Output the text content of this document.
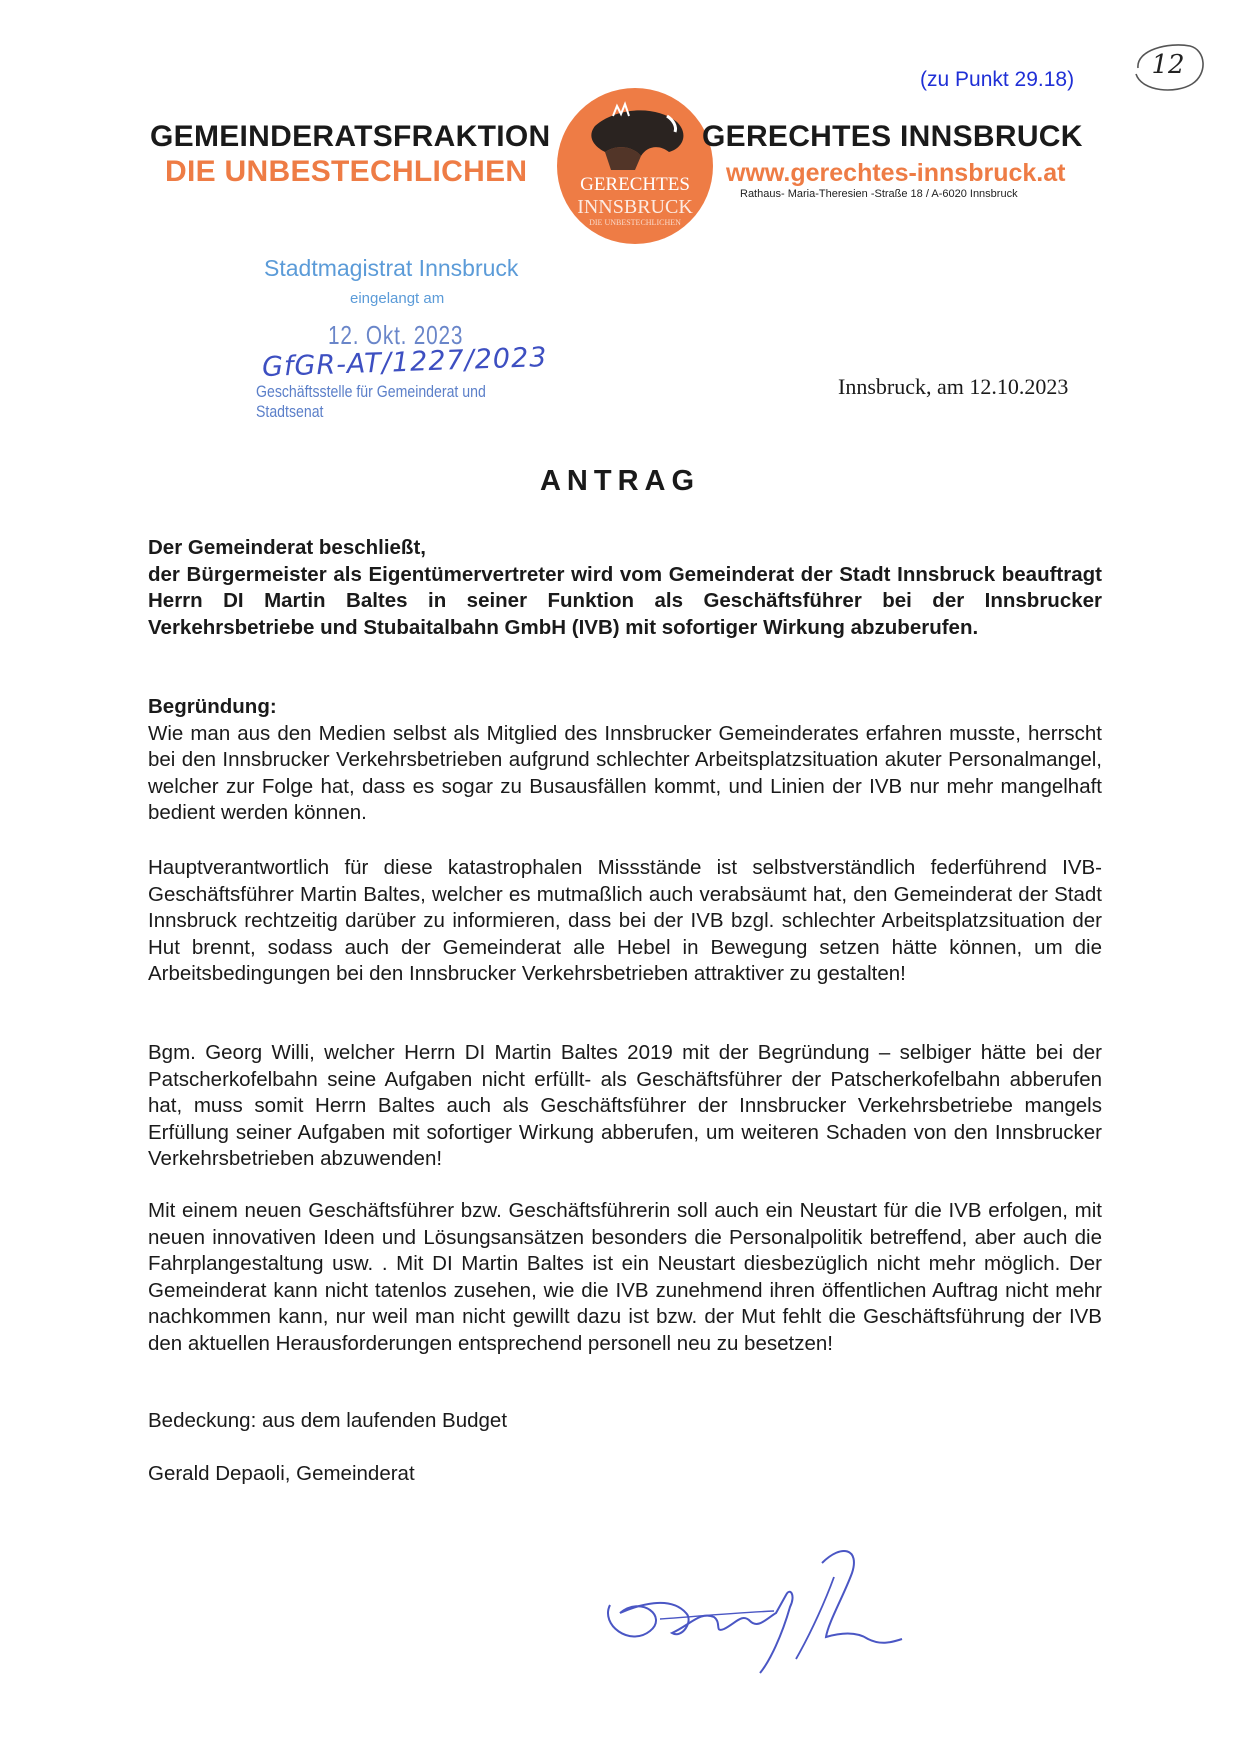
(zu Punkt 29.18)	12
GEMEINDERATSFRAKTION
DIE UNBESTECHLICHEN	GERECHTES
INNSBRUCK
DIE UNBESTECHLICHEN
GERECHTES INNSBRUCK
www.gerechtes-innsbruck.at
Rathaus- Maria-Theresien -Straße 18 / A-6020 Innsbruck
Stadtmagistrat Innsbruck
eingelangt am
12. Okt. 2023
GfGR-AT/1227/2023
Geschäftsstelle für Gemeinderat und Stadtsenat
Innsbruck, am 12.10.2023
ANTRAG
Der Gemeinderat beschließt,
der Bürgermeister als Eigentümervertreter wird vom Gemeinderat der Stadt Innsbruck beauftragt Herrn DI Martin Baltes in seiner Funktion als Geschäftsführer bei der Innsbrucker Verkehrsbetriebe und Stubaitalbahn GmbH (IVB) mit sofortiger Wirkung abzuberufen.
Begründung:
Wie man aus den Medien selbst als Mitglied des Innsbrucker Gemeinderates erfahren musste, herrscht bei den Innsbrucker Verkehrsbetrieben aufgrund schlechter Arbeitsplatzsituation akuter Personalmangel, welcher zur Folge hat, dass es sogar zu Busausfällen kommt, und Linien der IVB nur mehr mangelhaft bedient werden können.
Hauptverantwortlich für diese katastrophalen Missstände ist selbstverständlich federführend IVB-Geschäftsführer Martin Baltes, welcher es mutmaßlich auch verabsäumt hat, den Gemeinderat der Stadt Innsbruck rechtzeitig darüber zu informieren, dass bei der IVB bzgl. schlechter Arbeitsplatzsituation der Hut brennt, sodass auch der Gemeinderat alle Hebel in Bewegung setzen hätte können, um die Arbeitsbedingungen bei den Innsbrucker Verkehrsbetrieben attraktiver zu gestalten!
Bgm. Georg Willi, welcher Herrn DI Martin Baltes 2019 mit der Begründung – selbiger hätte bei der Patscherkofelbahn seine Aufgaben nicht erfüllt- als Geschäftsführer der Patscherkofelbahn abberufen hat, muss somit Herrn Baltes auch als Geschäftsführer der Innsbrucker Verkehrsbetriebe mangels Erfüllung seiner Aufgaben mit sofortiger Wirkung abberufen, um weiteren Schaden von den Innsbrucker Verkehrsbetrieben abzuwenden!
Mit einem neuen Geschäftsführer bzw. Geschäftsführerin soll auch ein Neustart für die IVB erfolgen, mit neuen innovativen Ideen und Lösungsansätzen besonders die Personalpolitik betreffend, aber auch die Fahrplangestaltung usw. . Mit DI Martin Baltes ist ein Neustart diesbezüglich nicht mehr möglich. Der Gemeinderat kann nicht tatenlos zusehen, wie die IVB zunehmend ihren öffentlichen Auftrag nicht mehr nachkommen kann, nur weil man nicht gewillt dazu ist bzw. der Mut fehlt die Geschäftsführung der IVB den aktuellen Herausforderungen entsprechend personell neu zu besetzen!
Bedeckung: aus dem laufenden Budget
Gerald Depaoli, Gemeinderat
